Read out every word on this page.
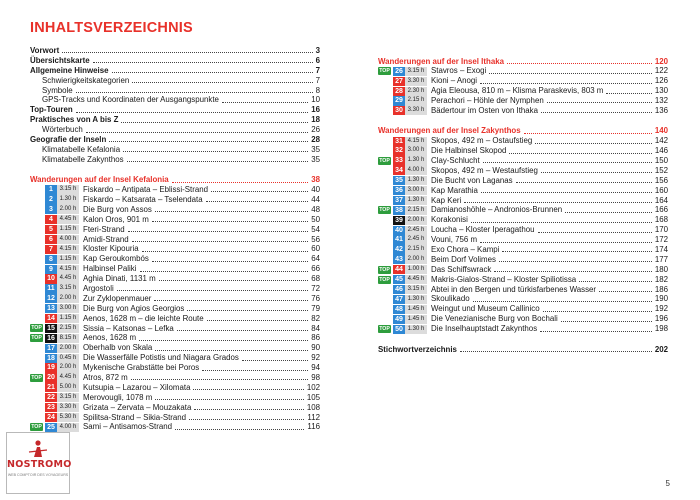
INHALTSVERZEICHNIS
Vorwort	3
Übersichtskarte	6
Allgemeine Hinweise	7
Schwierigkeitskategorien	7
Symbole	8
GPS-Tracks und Koordinaten der Ausgangspunkte	10
Top-Touren	16
Praktisches von A bis Z	18
Wörterbuch	26
Geografie der Inseln	28
Klimatabelle Kefalonia	35
Klimatabelle Zakynthos	35
Wanderungen auf der Insel Kefalonia	38
1	3.15 h Fiskardo – Antipata – Eblissi-Strand	40
2	1.30 h Fiskardo – Katsarata – Tselendata	44
3	2.00 h Die Burg von Assos	48
4	4.45 h Kalon Oros, 901 m	50
5	1.15 h Fteri-Strand	54
6	4.00 h Amidi-Strand	56
7	4.15 h Kloster Kipouria	60
8	1.15 h Kap Geroukombós	64
9	4.15 h Halbinsel Paliki	66
10 4.45 h Aghia Dinati, 1131 m	68
11 3.15 h Argostoli	72
12 2.00 h Zur Zyklopenmauer	76
13 3.00 h Die Burg von Agios Georgios	79
14 1.15 h Aenos, 1628 m – die leichte Route	82
TOP 15 2.15 h Sissia – Katsonas – Lefka	84
TOP 16 8.15 h Aenos, 1628 m	86
17 2.00 h Oberhalb von Skala	90
18 0.45 h Die Wasserfälle Potistis und Niagara Grados	92
19 2.00 h Mykenische Grabstätte bei Poros	94
TOP 20 4.45 h Atros, 872 m	98
21 5.00 h Kutsupia – Lazarou – Xilomata	102
22 3.15 h Merovougli, 1078 m	105
23 3.30 h Grizata – Zervata – Mouzakata	108
24 5.30 h Spilitsa-Strand – Sikia-Strand	112
TOP 25 4.00 h Sami – Antisamos-Strand	116
Wanderungen auf der Insel Ithaka	120
TOP 26 3.15 h Stavros – Exogi	122
27 3.30 h Kioni – Anogi	126
28 2.30 h Agia Eleousa, 810 m – Klisma Paraskevis, 803 m	130
29 2.15 h Perachori – Höhle der Nymphen	132
30 3.30 h Bädertour im Osten von Ithaka	136
Wanderungen auf der Insel Zakynthos	140
31 4.15 h Skopos, 492 m – Ostaufstieg	142
32 3.00 h Die Halbinsel Skopod	146
TOP 33 1.30 h Clay-Schlucht	150
34 4.00 h Skopos, 492 m – Westaufstieg	152
35 1.30 h Die Bucht von Laganas	156
36 3.00 h Kap Marathia	160
37 1.30 h Kap Keri	164
TOP 38 2.15 h Damianoshöhle – Andronios-Brunnen	166
39 2.00 h Korakonisi	168
40 2.45 h Loucha – Kloster Iperagathou	170
41 2.45 h Vouni, 756 m	172
42 2.15 h Exo Chora – Kampi	174
43 2.00 h Beim Dorf Volimes	177
TOP 44 1.00 h Das Schiffswrack	180
TOP 45 4.45 h Makris-Gialos-Strand – Kloster Spiliotissa	182
46 3.15 h Abtei in den Bergen und türkisfarbenes Wasser	186
47 1.30 h Skoulikado	190
48 1.45 h Weingut und Museum Callinico	192
49 1.45 h Die Venezianische Burg von Bochali	196
TOP 50 1.30 h Die Inselhauptstadt Zakynthos	198
Stichwortverzeichnis	202
NOSTROMO
WEB COMPTOIR DES VOYAGEURS
5
